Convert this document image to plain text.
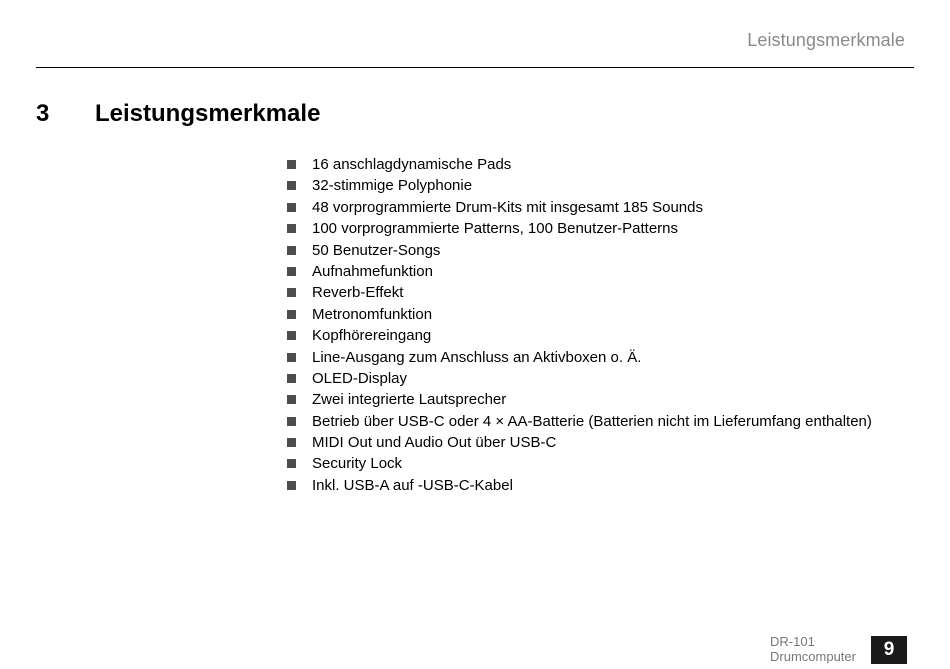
Leistungsmerkmale
3 Leistungsmerkmale
16 anschlagdynamische Pads
32-stimmige Polyphonie
48 vorprogrammierte Drum-Kits mit insgesamt 185 Sounds
100 vorprogrammierte Patterns, 100 Benutzer-Patterns
50 Benutzer-Songs
Aufnahmefunktion
Reverb-Effekt
Metronomfunktion
Kopfhörereingang
Line-Ausgang zum Anschluss an Aktivboxen o. Ä.
OLED-Display
Zwei integrierte Lautsprecher
Betrieb über USB-C oder 4 × AA-Batterie (Batterien nicht im Lieferumfang enthalten)
MIDI Out und Audio Out über USB-C
Security Lock
Inkl. USB-A auf -USB-C-Kabel
DR-101
Drumcomputer	9
